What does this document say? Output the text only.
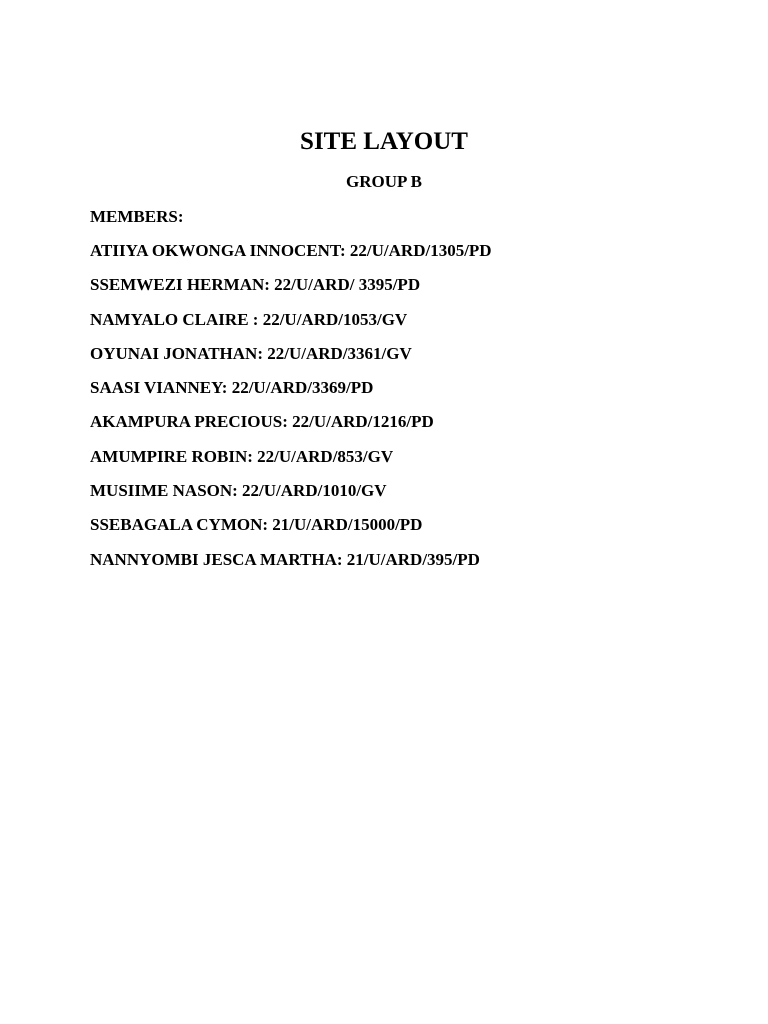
SITE LAYOUT
GROUP B

MEMBERS:

ATIIYA OKWONGA INNOCENT: 22/U/ARD/1305/PD
SSEMWEZI HERMAN: 22/U/ARD/ 3395/PD
NAMYALO CLAIRE : 22/U/ARD/1053/GV
OYUNAI JONATHAN: 22/U/ARD/3361/GV
SAASI VIANNEY: 22/U/ARD/3369/PD
AKAMPURA PRECIOUS: 22/U/ARD/1216/PD
AMUMPIRE ROBIN: 22/U/ARD/853/GV
MUSIIME NASON: 22/U/ARD/1010/GV
SSEBAGALA CYMON: 21/U/ARD/15000/PD
NANNYOMBI JESCA MARTHA: 21/U/ARD/395/PD
